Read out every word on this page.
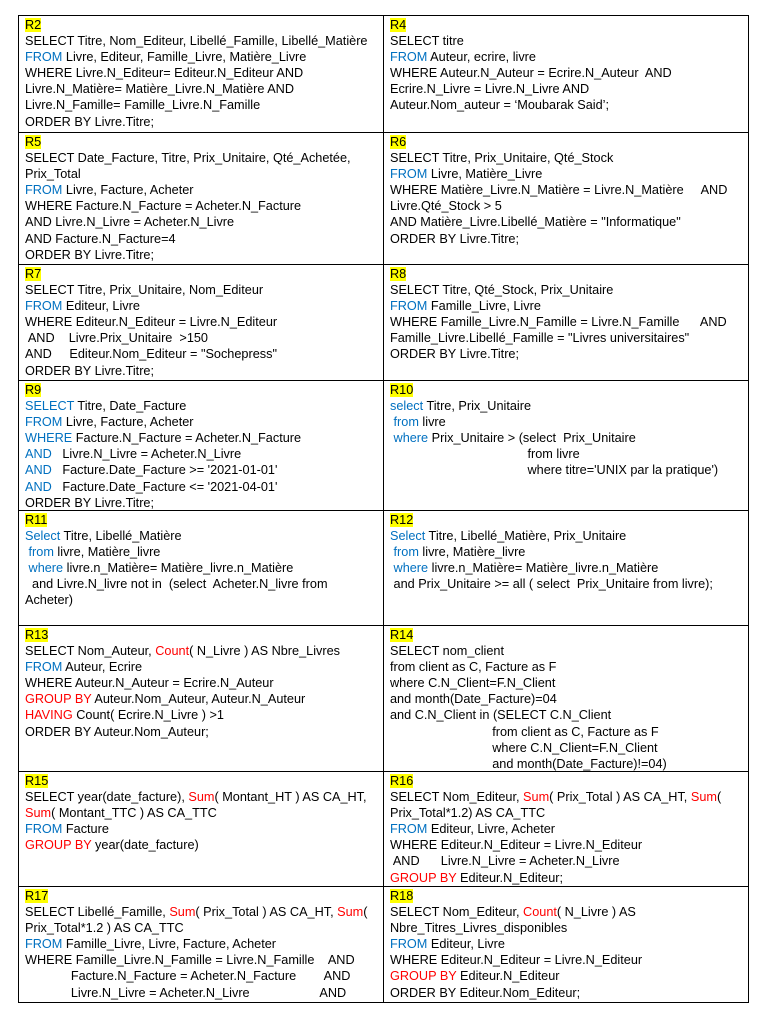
R2
SELECT Titre, Nom_Editeur, Libellé_Famille, Libellé_Matière
FROM Livre, Editeur, Famille_Livre, Matière_Livre
WHERE Livre.N_Editeur= Editeur.N_Editeur AND
Livre.N_Matière= Matière_Livre.N_Matière AND
Livre.N_Famille= Famille_Livre.N_Famille
ORDER BY Livre.Titre;
R4
SELECT titre
FROM Auteur, ecrire, livre
WHERE Auteur.N_Auteur = Ecrire.N_Auteur  AND
Ecrire.N_Livre = Livre.N_Livre AND
Auteur.Nom_auteur = ‘Moubarak Said’;
R5
SELECT Date_Facture, Titre, Prix_Unitaire, Qté_Achetée,
Prix_Total
FROM Livre, Facture, Acheter
WHERE Facture.N_Facture = Acheter.N_Facture
AND Livre.N_Livre = Acheter.N_Livre
AND Facture.N_Facture=4
ORDER BY Livre.Titre;
R6
SELECT Titre, Prix_Unitaire, Qté_Stock
FROM Livre, Matière_Livre
WHERE Matière_Livre.N_Matière = Livre.N_Matière     AND
Livre.Qté_Stock > 5
AND Matière_Livre.Libellé_Matière = "Informatique"
ORDER BY Livre.Titre;
R7
SELECT Titre, Prix_Unitaire, Nom_Editeur
FROM Editeur, Livre
WHERE Editeur.N_Editeur = Livre.N_Editeur
AND    Livre.Prix_Unitaire  >150
AND     Editeur.Nom_Editeur = "Sochepress"
ORDER BY Livre.Titre;
R8
SELECT Titre, Qté_Stock, Prix_Unitaire
FROM Famille_Livre, Livre
WHERE Famille_Livre.N_Famille = Livre.N_Famille      AND
Famille_Livre.Libellé_Famille = "Livres universitaires"
ORDER BY Livre.Titre;
R9
SELECT Titre, Date_Facture
FROM Livre, Facture, Acheter
WHERE Facture.N_Facture = Acheter.N_Facture
AND   Livre.N_Livre = Acheter.N_Livre
AND   Facture.Date_Facture >= '2021-01-01'
AND   Facture.Date_Facture <= '2021-04-01'
ORDER BY Livre.Titre;
R10
select Titre, Prix_Unitaire
from livre
where Prix_Unitaire > (select  Prix_Unitaire
from livre
where titre='UNIX par la pratique')
R11
Select Titre, Libellé_Matière
from livre, Matière_livre
where livre.n_Matière= Matière_livre.n_Matière
and Livre.N_livre not in  (select  Acheter.N_livre from
Acheter)
R12
Select Titre, Libellé_Matière, Prix_Unitaire
from livre, Matière_livre
where livre.n_Matière= Matière_livre.n_Matière
and Prix_Unitaire >= all ( select  Prix_Unitaire from livre);
R13
SELECT Nom_Auteur, Count( N_Livre ) AS Nbre_Livres
FROM Auteur, Ecrire
WHERE Auteur.N_Auteur = Ecrire.N_Auteur
GROUP BY Auteur.Nom_Auteur, Auteur.N_Auteur
HAVING Count( Ecrire.N_Livre ) >1
ORDER BY Auteur.Nom_Auteur;
R14
SELECT nom_client
from client as C, Facture as F
where C.N_Client=F.N_Client
and month(Date_Facture)=04
and C.N_Client in (SELECT C.N_Client
from client as C, Facture as F
where C.N_Client=F.N_Client
and month(Date_Facture)!=04)
R15
SELECT year(date_facture), Sum( Montant_HT ) AS CA_HT,
Sum( Montant_TTC ) AS CA_TTC
FROM Facture
GROUP BY year(date_facture)
R16
SELECT Nom_Editeur, Sum( Prix_Total ) AS CA_HT, Sum(
Prix_Total*1.2) AS CA_TTC
FROM Editeur, Livre, Acheter
WHERE Editeur.N_Editeur = Livre.N_Editeur
AND      Livre.N_Livre = Acheter.N_Livre
GROUP BY Editeur.N_Editeur;
R17
SELECT Libellé_Famille, Sum( Prix_Total ) AS CA_HT, Sum(
Prix_Total*1.2 ) AS CA_TTC
FROM Famille_Livre, Livre, Facture, Acheter
WHERE Famille_Livre.N_Famille = Livre.N_Famille    AND
Facture.N_Facture = Acheter.N_Facture        AND
Livre.N_Livre = Acheter.N_Livre                    AND
R18
SELECT Nom_Editeur, Count( N_Livre ) AS
Nbre_Titres_Livres_disponibles
FROM Editeur, Livre
WHERE Editeur.N_Editeur = Livre.N_Editeur
GROUP BY Editeur.N_Editeur
ORDER BY Editeur.Nom_Editeur;
